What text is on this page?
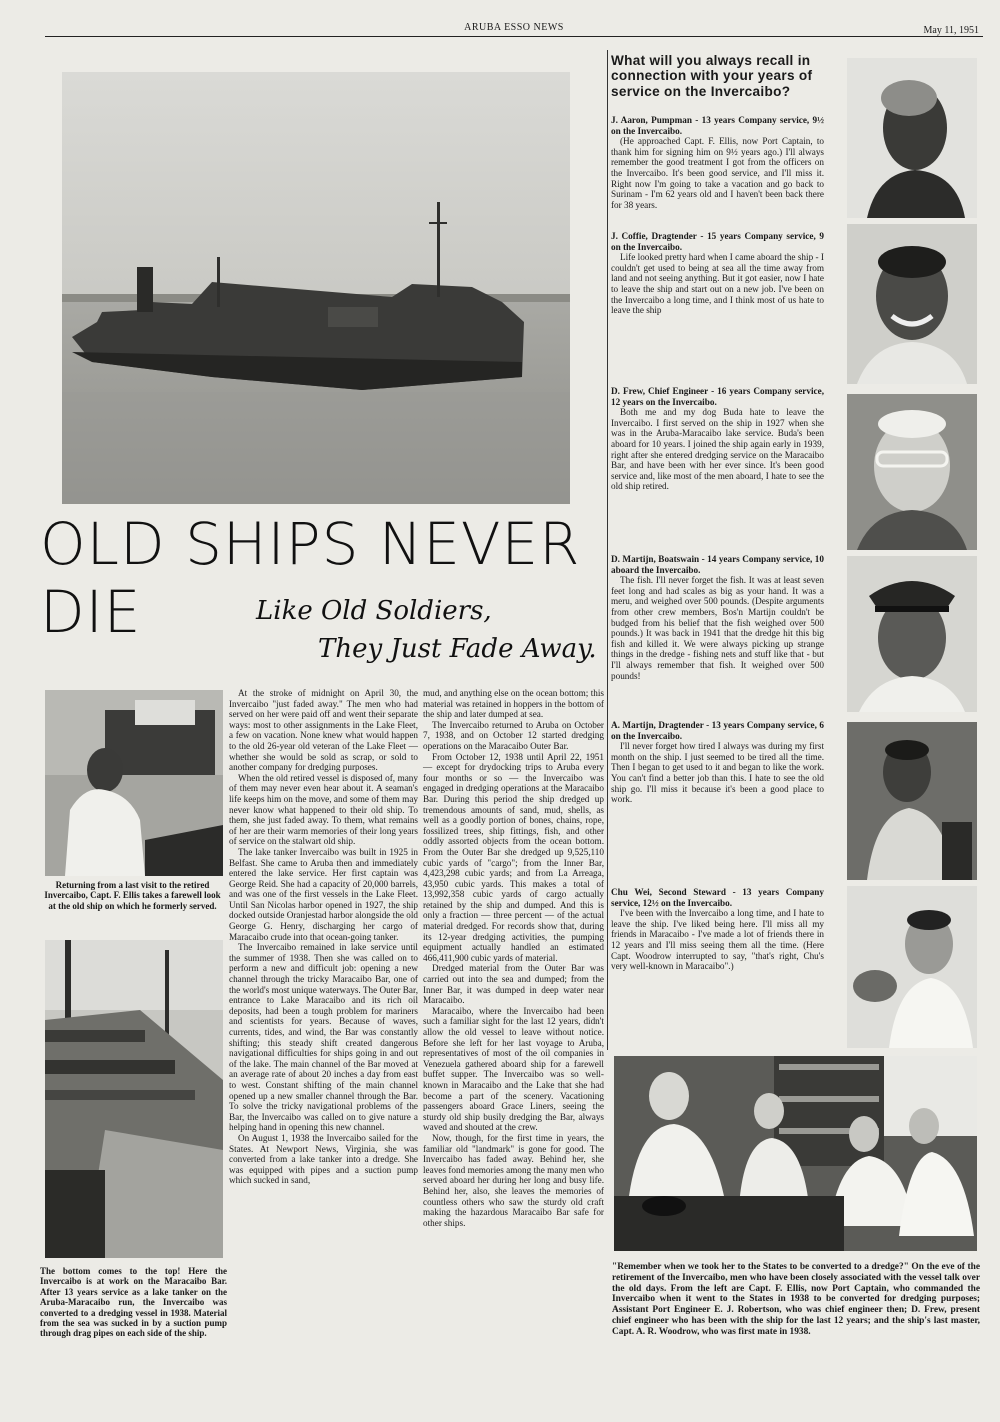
ARUBA ESSO NEWS	May 11, 1951
OLD SHIPS NEVER
DIE	Like Old Soldiers,
They Just Fade Away.
Returning from a last visit to the retired Invercaibo, Capt. F. Ellis takes a farewell look at the old ship on which he formerly served.
The bottom comes to the top! Here the Invercaibo is at work on the Maracaibo Bar. After 13 years service as a lake tanker on the Aruba-Maracaibo run, the Invercaibo was converted to a dredging vessel in 1938. Material from the sea was sucked in by a suction pump through drag pipes on each side of the ship.

At the stroke of midnight on April 30, the Invercaibo "just faded away." The men who had served on her were paid off and went their separate ways: most to other assignments in the Lake Fleet, a few on vacation. None knew what would happen to the old 26-year old veteran of the Lake Fleet — whether she would be sold as scrap, or sold to another company for dredging purposes.

When the old retired vessel is disposed of, many of them may never even hear about it. A seaman's life keeps him on the move, and some of them may never know what happened to their old ship. To them, she just faded away. To them, what remains of her are their warm memories of their long years of service on the stalwart old ship.

The lake tanker Invercaibo was built in 1925 in Belfast. She came to Aruba then and immediately entered the lake service. Her first captain was George Reid. She had a capacity of 20,000 barrels, and was one of the first vessels in the Lake Fleet. Until San Nicolas harbor opened in 1927, the ship docked outside Oranjestad harbor alongside the old George G. Henry, discharging her cargo of Maracaibo crude into that ocean-going tanker.

The Invercaibo remained in lake service until the summer of 1938. Then she was called on to perform a new and difficult job: opening a new channel through the tricky Maracaibo Bar, one of the world's most unique waterways. The Outer Bar, entrance to Lake Maracaibo and its rich oil deposits, had been a tough problem for mariners and scientists for years. Because of waves, currents, tides, and wind, the Bar was constantly shifting; this steady shift created dangerous navigational difficulties for ships going in and out of the lake. The main channel of the Bar moved at an average rate of about 20 inches a day from east to west. Constant shifting of the main channel opened up a new smaller channel through the Bar. To solve the tricky navigational problems of the Bar, the Invercaibo was called on to give nature a helping hand in opening this new channel.

On August 1, 1938 the Invercaibo sailed for the States. At Newport News, Virginia, she was converted from a lake tanker into a dredge. She was equipped with pipes and a suction pump which sucked in sand,

mud, and anything else on the ocean bottom; this material was retained in hoppers in the bottom of the ship and later dumped at sea.

The Invercaibo returned to Aruba on October 7, 1938, and on October 12 started dredging operations on the Maracaibo Outer Bar.

From October 12, 1938 until April 22, 1951 — except for drydocking trips to Aruba every four months or so — the Invercaibo was engaged in dredging operations at the Maracaibo Bar. During this period the ship dredged up tremendous amounts of sand, mud, shells, as well as a goodly portion of bones, chains, rope, fossilized trees, ship fittings, fish, and other oddly assorted objects from the ocean bottom. From the Outer Bar she dredged up 9,525,110 cubic yards of "cargo"; from the Inner Bar, 4,423,298 cubic yards; and from La Arreaga, 43,950 cubic yards. This makes a total of 13,992,358 cubic yards of cargo actually retained by the ship and dumped. And this is only a fraction — three percent — of the actual material dredged. For records show that, during its 12-year dredging activities, the pumping equipment actually handled an estimated 466,411,900 cubic yards of material.

Dredged material from the Outer Bar was carried out into the sea and dumped; from the Inner Bar, it was dumped in deep water near Maracaibo.

Maracaibo, where the Invercaibo had been such a familiar sight for the last 12 years, didn't allow the old vessel to leave without notice. Before she left for her last voyage to Aruba, representatives of most of the oil companies in Venezuela gathered aboard ship for a farewell buffet supper. The Invercaibo was so well-known in Maracaibo and the Lake that she had become a part of the scenery. Vacationing passengers aboard Grace Liners, seeing the sturdy old ship busily dredging the Bar, always waved and shouted at the crew.

Now, though, for the first time in years, the familiar old "landmark" is gone for good. The Invercaibo has faded away. Behind her, she leaves fond memories among the many men who served aboard her during her long and busy life. Behind her, also, she leaves the memories of countless others who saw the sturdy old craft making the hazardous Maracaibo Bar safe for other ships.

What will you always recall in connection with your years of service on the Invercaibo?
J. Aaron, Pumpman - 13 years Company service, 9½ on the Invercaibo.
(He approached Capt. F. Ellis, now Port Captain, to thank him for signing him on 9½ years ago.) I'll always remember the good treatment I got from the officers on the Invercaibo. It's been good service, and I'll miss it. Right now I'm going to take a vacation and go back to Surinam - I'm 62 years old and I haven't been back there for 38 years.
J. Coffie, Dragtender - 15 years Company service, 9 on the Invercaibo.
Life looked pretty hard when I came aboard the ship - I couldn't get used to being at sea all the time away from land and not seeing anything. But it got easier, now I hate to leave the ship and start out on a new job. I've been on the Invercaibo a long time, and I think most of us hate to leave the ship
D. Frew, Chief Engineer - 16 years Company service, 12 years on the Invercaibo.
Both me and my dog Buda hate to leave the Invercaibo. I first served on the ship in 1927 when she was in the Aruba-Maracaibo lake service. Buda's been aboard for 10 years. I joined the ship again early in 1939, right after she entered dredging service on the Maracaibo Bar, and have been with her ever since. It's been good service and, like most of the men aboard, I hate to see the old ship retired.
D. Martijn, Boatswain - 14 years Company service, 10 aboard the Invercaibo.
The fish. I'll never forget the fish. It was at least seven feet long and had scales as big as your hand. It was a meru, and weighed over 500 pounds. (Despite arguments from other crew members, Bos'n Martijn couldn't be budged from his belief that the fish weighed over 500 pounds.) It was back in 1941 that the dredge hit this big fish and killed it. We were always picking up strange things in the dredge - fishing nets and stuff like that - but I'll always remember that fish. It weighed over 500 pounds!
A. Martijn, Dragtender - 13 years Company service, 6 on the Invercaibo.
I'll never forget how tired I always was during my first month on the ship. I just seemed to be tired all the time. Then I began to get used to it and began to like the work. You can't find a better job than this. I hate to see the old ship go. I'll miss it because it's been a good place to work.
Chu Wei, Second Steward - 13 years Company service, 12½ on the Invercaibo.
I've been with the Invercaibo a long time, and I hate to leave the ship. I've liked being here. I'll miss all my friends in Maracaibo - I've made a lot of friends there in 12 years and I'll miss seeing them all the time. (Here Capt. Woodrow interrupted to say, "that's right, Chu's very well-known in Maracaibo".)
"Remember when we took her to the States to be converted to a dredge?" On the eve of the retirement of the Invercaibo, men who have been closely associated with the vessel talk over the old days. From the left are Capt. F. Ellis, now Port Captain, who commanded the Invercaibo when it went to the States in 1938 to be converted for dredging purposes; Assistant Port Engineer E. J. Robertson, who was chief engineer then; D. Frew, present chief engineer who has been with the ship for the last 12 years; and the ship's last master, Capt. A. R. Woodrow, who was first mate in 1938.
